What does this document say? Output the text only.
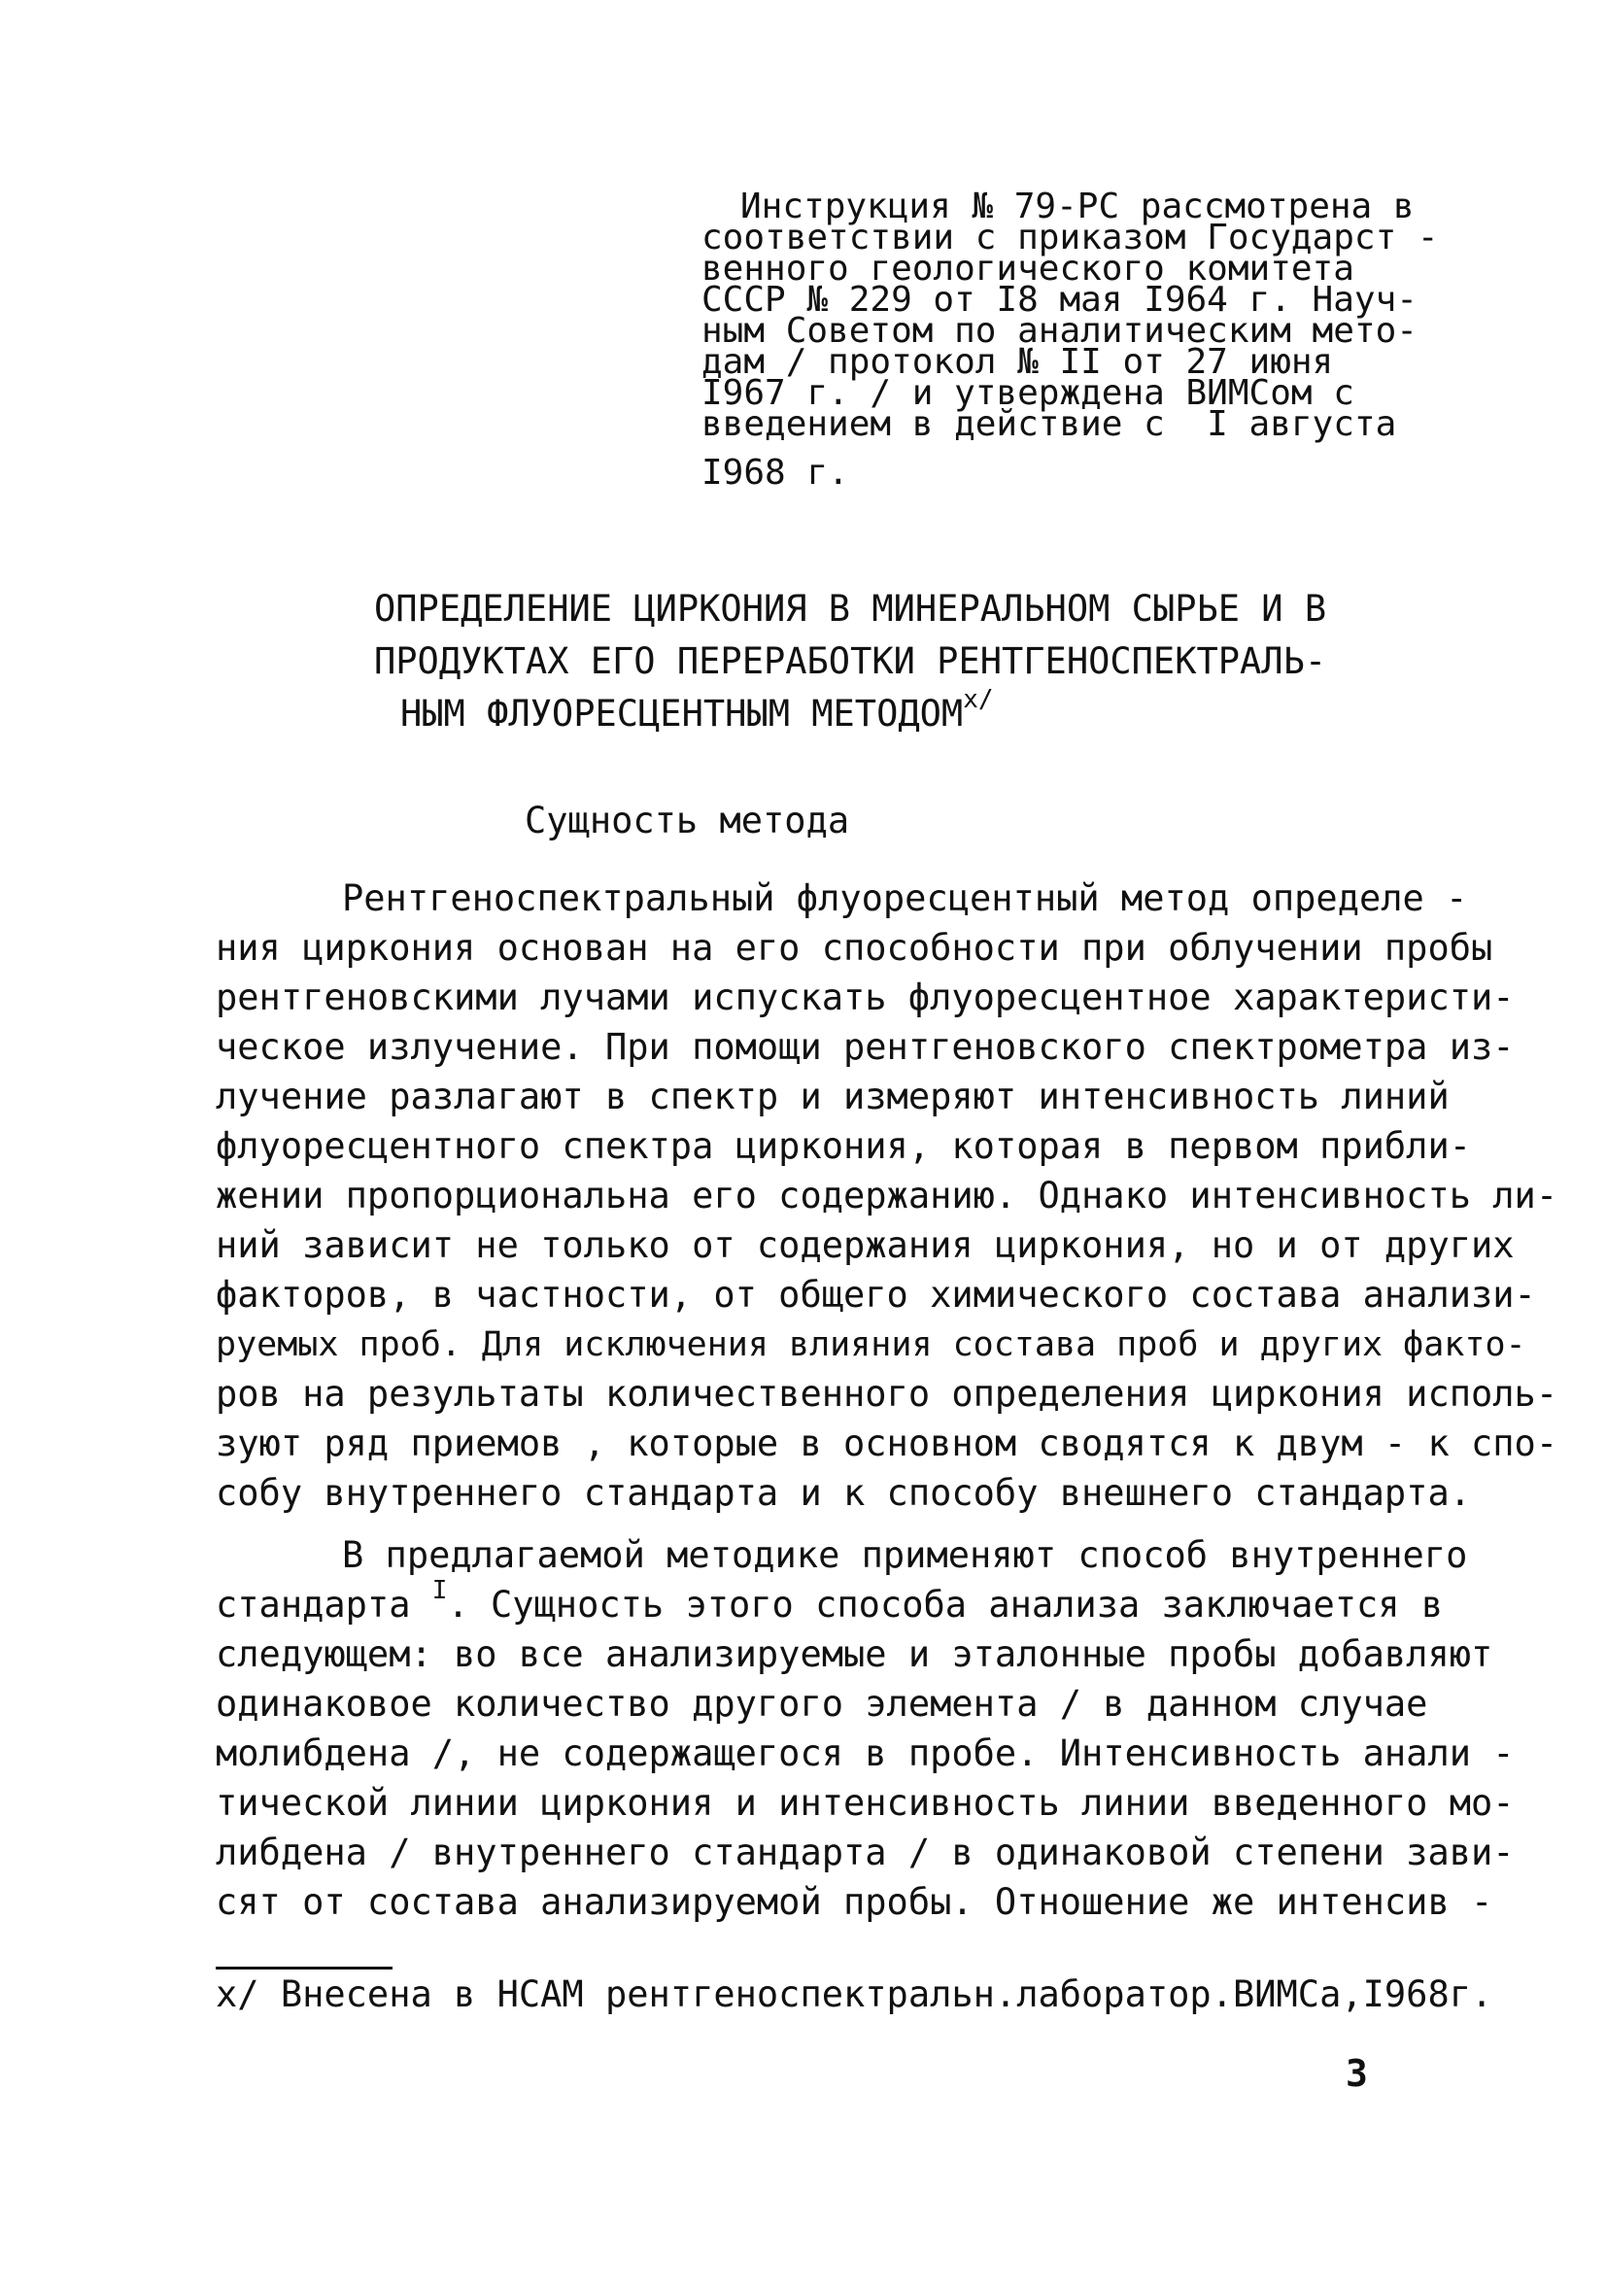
Инструкция № 79-РС рассмотрена в
соответствии с приказом Государст -
венного геологического комитета
СССР № 229 от I8 мая I964 г. Науч-
ным Советом по аналитическим мето-
дам / протокол № II от 27 июня
I967 г. / и утверждена ВИМСом с
введением в действие с  I августа
I968 г.
ОПРЕДЕЛЕНИЕ ЦИРКОНИЯ В МИНЕРАЛЬНОМ СЫРЬЕ И В
ПРОДУКТАХ ЕГО ПЕРЕРАБОТКИ РЕНТГЕНОСПЕКТРАЛЬ-
НЫМ ФЛУОРЕСЦЕНТНЫМ $МЕТОДОМ^{x/}$
Сущность метода
Рентгеноспектральный флуоресцентный метод определе -
ния циркония основан на его способности при облучении пробы
рентгеновскими лучами испускать флуоресцентное характеристи-
ческое излучение. При помощи рентгеновского спектрометра из-
лучение разлагают в спектр и измеряют интенсивность линий
флуоресцентного спектра циркония, которая в первом прибли-
жении пропорциональна его содержанию. Однако интенсивность ли-
ний зависит не только от содержания циркония, но и от других
факторов, в частности, от общего химического состава анализи-
руемых проб. Для исключения влияния состава проб и других факто-
ров на результаты количественного определения циркония исполь-
зуют ряд приемов , которые в основном сводятся к двум - к спо-
собу внутреннего стандарта и к способу внешнего стандарта.
В предлагаемой методике применяют способ внутреннего
стандарта $^I$. Сущность этого способа анализа заключается в
следующем: во все анализируемые и эталонные пробы добавляют
одинаковое количество другого элемента / в данном случае
молибдена /, не содержащегося в пробе. Интенсивность анали -
тической линии циркония и интенсивность линии введенного мо-
либдена / внутреннего стандарта / в одинаковой степени зави-
сят от состава анализируемой пробы. Отношение же интенсив -
x/ Внесена в НСАМ рентгеноспектральн.лаборатор.ВИМСа,I968г.
3
